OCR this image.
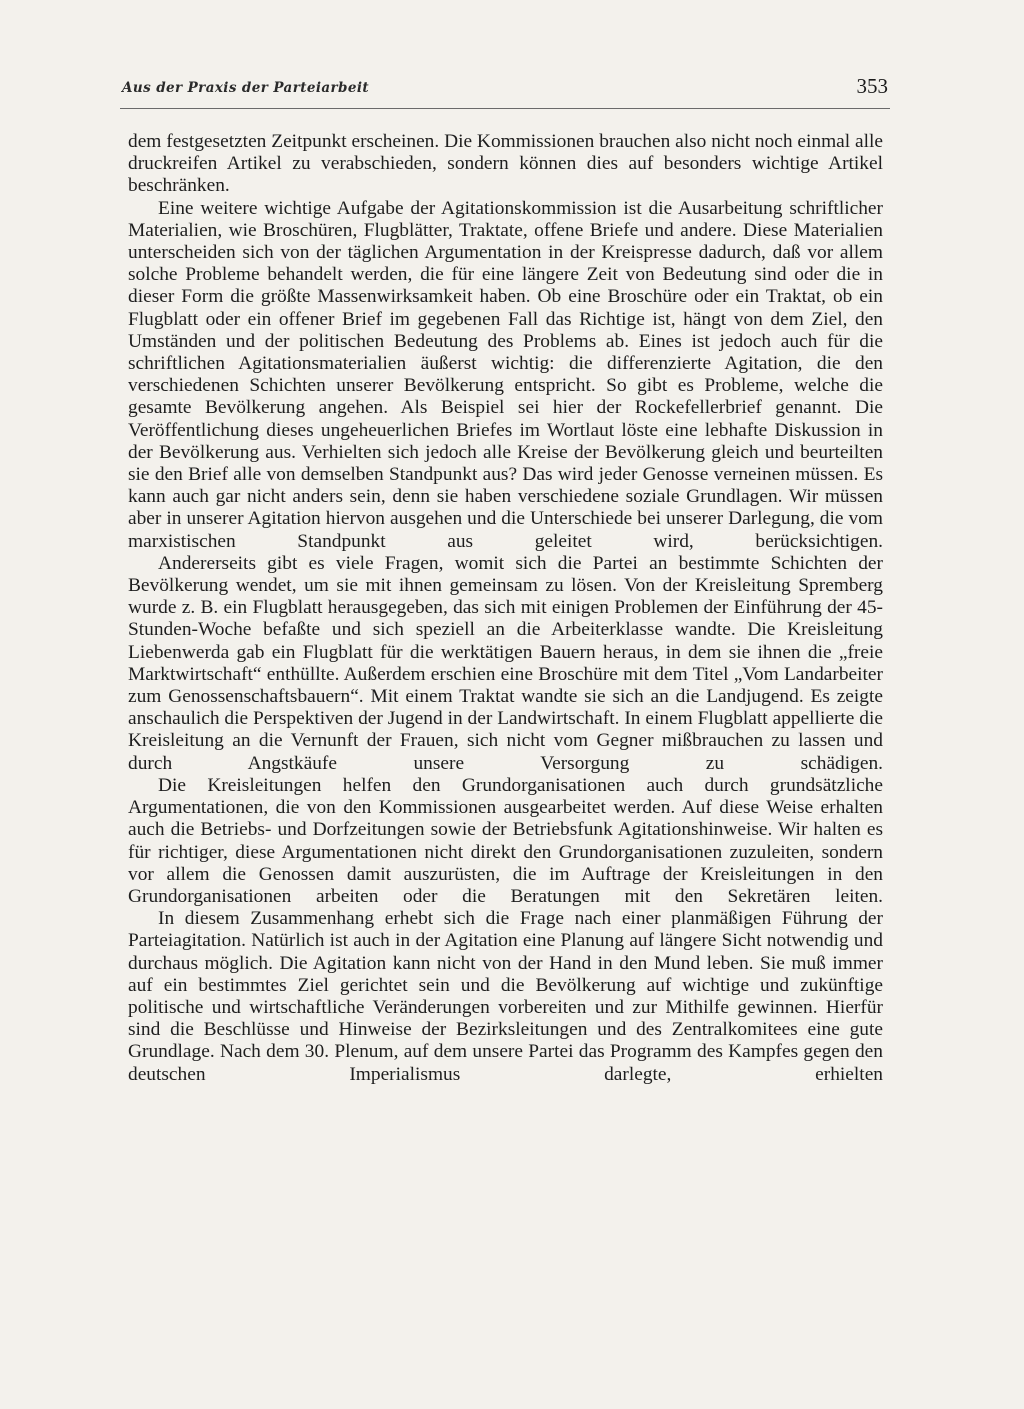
Aus der Praxis der Parteiarbeit	353

dem festgesetzten Zeitpunkt erscheinen. Die Kommissionen brauchen also nicht noch einmal alle druckreifen Artikel zu verabschieden, sondern können dies auf besonders wichtige Artikel beschränken.

Eine weitere wichtige Aufgabe der Agitationskommission ist die Ausarbeitung schriftlicher Materialien, wie Broschüren, Flugblätter, Traktate, offene Briefe und andere. Diese Materialien unterscheiden sich von der täglichen Argumentation in der Kreispresse dadurch, daß vor allem solche Probleme behandelt werden, die für eine längere Zeit von Bedeutung sind oder die in dieser Form die größte Massenwirksamkeit haben. Ob eine Broschüre oder ein Traktat, ob ein Flugblatt oder ein offener Brief im gegebenen Fall das Richtige ist, hängt von dem Ziel, den Umständen und der politischen Bedeutung des Problems ab. Eines ist jedoch auch für die schriftlichen Agitationsmaterialien äußerst wichtig: die differenzierte Agitation, die den verschiedenen Schichten unserer Bevölkerung entspricht. So gibt es Probleme, welche die gesamte Bevölkerung angehen. Als Beispiel sei hier der Rockefellerbrief genannt. Die Veröffentlichung dieses ungeheuerlichen Briefes im Wortlaut löste eine lebhafte Diskussion in der Bevölkerung aus. Verhielten sich jedoch alle Kreise der Bevölkerung gleich und beurteilten sie den Brief alle von demselben Standpunkt aus? Das wird jeder Genosse verneinen müssen. Es kann auch gar nicht anders sein, denn sie haben verschiedene soziale Grundlagen. Wir müssen aber in unserer Agitation hiervon ausgehen und die Unterschiede bei unserer Darlegung, die vom marxistischen Standpunkt aus geleitet wird, berücksichtigen.

Andererseits gibt es viele Fragen, womit sich die Partei an bestimmte Schichten der Bevölkerung wendet, um sie mit ihnen gemeinsam zu lösen. Von der Kreisleitung Spremberg wurde z. B. ein Flugblatt herausgegeben, das sich mit einigen Problemen der Einführung der 45-Stunden-Woche befaßte und sich speziell an die Arbeiterklasse wandte. Die Kreisleitung Liebenwerda gab ein Flugblatt für die werktätigen Bauern heraus, in dem sie ihnen die „freie Marktwirtschaft“ enthüllte. Außerdem erschien eine Broschüre mit dem Titel „Vom Landarbeiter zum Genossenschaftsbauern“. Mit einem Traktat wandte sie sich an die Landjugend. Es zeigte anschaulich die Perspektiven der Jugend in der Landwirtschaft. In einem Flugblatt appellierte die Kreisleitung an die Vernunft der Frauen, sich nicht vom Gegner mißbrauchen zu lassen und durch Angstkäufe unsere Versorgung zu schädigen.

Die Kreisleitungen helfen den Grundorganisationen auch durch grundsätzliche Argumentationen, die von den Kommissionen ausgearbeitet werden. Auf diese Weise erhalten auch die Betriebs- und Dorfzeitungen sowie der Betriebsfunk Agitationshinweise. Wir halten es für richtiger, diese Argumentationen nicht direkt den Grundorganisationen zuzuleiten, sondern vor allem die Genossen damit auszurüsten, die im Auftrage der Kreisleitungen in den Grundorganisationen arbeiten oder die Beratungen mit den Sekretären leiten.

In diesem Zusammenhang erhebt sich die Frage nach einer planmäßigen Führung der Parteiagitation. Natürlich ist auch in der Agitation eine Planung auf längere Sicht notwendig und durchaus möglich. Die Agitation kann nicht von der Hand in den Mund leben. Sie muß immer auf ein bestimmtes Ziel gerichtet sein und die Bevölkerung auf wichtige und zukünftige politische und wirtschaftliche Veränderungen vorbereiten und zur Mithilfe gewinnen. Hierfür sind die Beschlüsse und Hinweise der Bezirksleitungen und des Zentralkomitees eine gute Grundlage. Nach dem 30. Plenum, auf dem unsere Partei das Programm des Kampfes gegen den deutschen Imperialismus darlegte, erhielten
